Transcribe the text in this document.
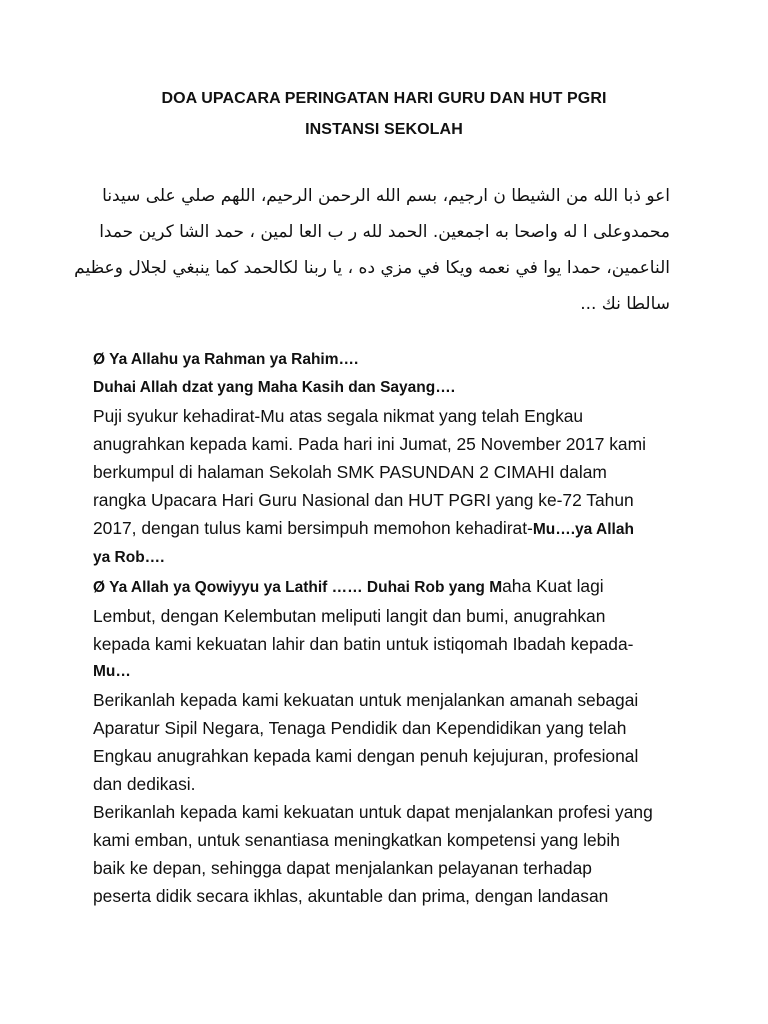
DOA UPACARA PERINGATAN HARI GURU DAN HUT PGRI
INSTANSI SEKOLAH
اعو ذبا الله من الشيطا ن ارجيم، بسم الله الرحمن الرحيم، اللهم صلي على سيدنا
محمدوعلى ا له واصحا به اجمعين. الحمد لله ر ب العا لمين ، حمد الشا كرين حمدا
الناعمين، حمدا يوا في نعمه ويكا في مزي ده ، يا ربنا لكالحمد كما ينبغي لجلال وعظيم
سالطا نك ...
Ø Ya Allahu ya Rahman ya Rahim….
Duhai Allah dzat yang Maha Kasih dan Sayang….
Puji syukur kehadirat-Mu atas segala nikmat yang telah Engkau
anugrahkan kepada kami. Pada hari ini Jumat, 25 November 2017 kami
berkumpul di halaman Sekolah SMK PASUNDAN 2 CIMAHI dalam
rangka Upacara Hari Guru Nasional dan HUT PGRI yang ke-72 Tahun
2017, dengan tulus kami bersimpuh memohon kehadirat-Mu….ya Allah
ya Rob….
Ø Ya Allah ya Qowiyyu ya Lathif …… Duhai Rob yang Maha Kuat lagi
Lembut, dengan Kelembutan meliputi langit dan bumi, anugrahkan
kepada kami kekuatan lahir dan batin untuk istiqomah Ibadah kepada-
Mu…
Berikanlah kepada kami kekuatan untuk menjalankan amanah sebagai
Aparatur Sipil Negara, Tenaga Pendidik dan Kependidikan yang telah
Engkau anugrahkan kepada kami dengan penuh kejujuran, profesional
dan dedikasi.
Berikanlah kepada kami kekuatan untuk dapat menjalankan profesi yang
kami emban, untuk senantiasa meningkatkan kompetensi yang lebih
baik ke depan, sehingga dapat menjalankan pelayanan terhadap
peserta didik secara ikhlas, akuntable dan prima, dengan landasan
